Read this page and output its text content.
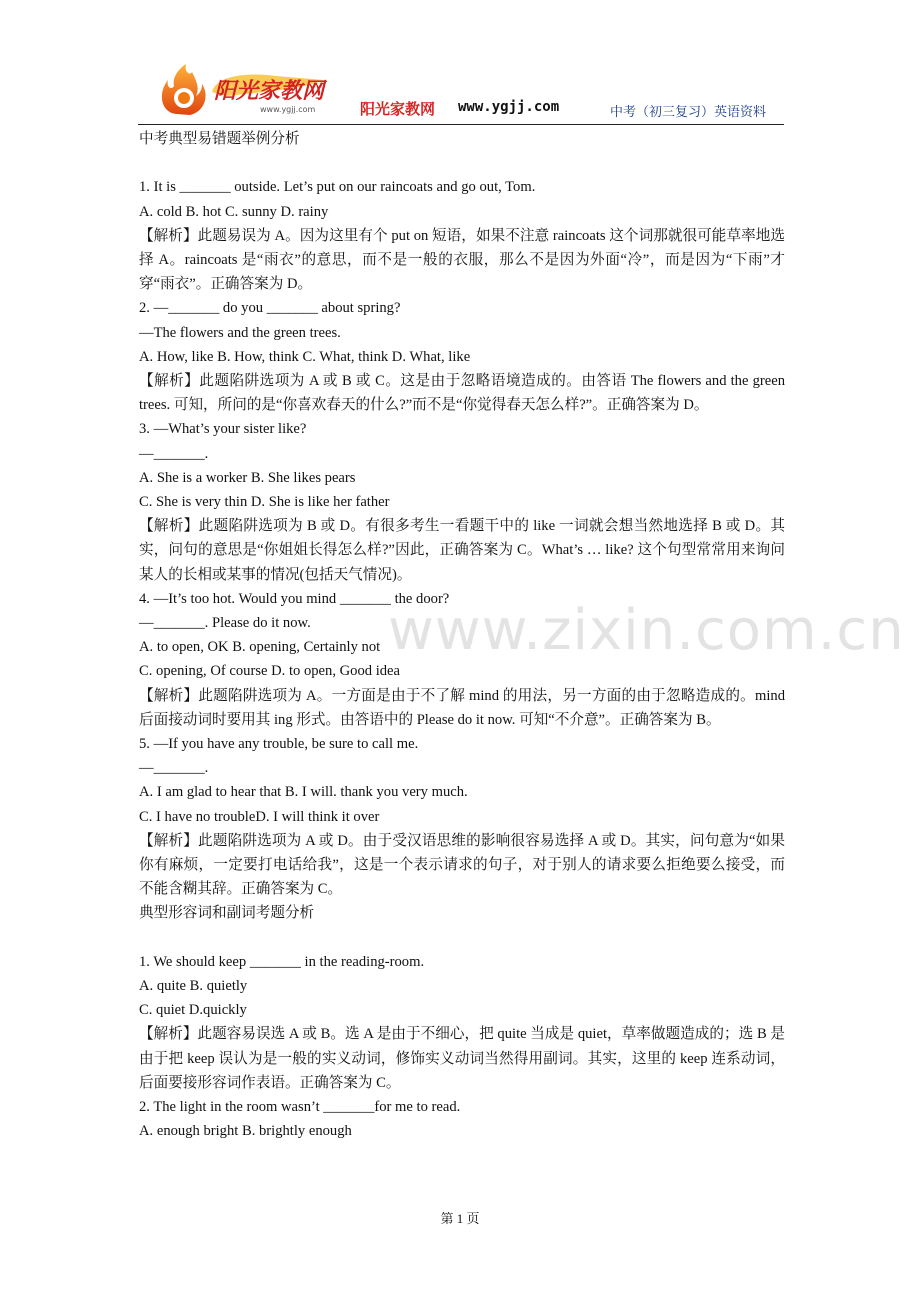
阳光家教网
www.ygjj.com	阳光家教网 www.ygjj.com	中考（初三复习）英语资料
www.zixin.com.cn

中考典型易错题举例分析

1. It is _______ outside. Let’s put on our raincoats and go out, Tom.

A. cold B. hot C. sunny D. rainy

【解析】此题易误为 A。因为这里有个 put on 短语，如果不注意 raincoats 这个词那就很可能草率地选择 A。raincoats 是“雨衣”的意思，而不是一般的衣服，那么不是因为外面“冷”，而是因为“下雨”才穿“雨衣”。正确答案为 D。

2. —_______ do you _______ about spring?

—The flowers and the green trees.

A. How, like B. How, think C. What, think D. What, like

【解析】此题陷阱选项为 A 或 B 或 C。这是由于忽略语境造成的。由答语 The flowers and the green trees. 可知，所问的是“你喜欢春天的什么?”而不是“你觉得春天怎么样?”。正确答案为 D。

3. —What’s your sister like?

—_______.

A. She is a worker B. She likes pears

C. She is very thin D. She is like her father

【解析】此题陷阱选项为 B 或 D。有很多考生一看题干中的 like 一词就会想当然地选择 B 或 D。其实，问句的意思是“你姐姐长得怎么样?”因此，正确答案为 C。What’s … like? 这个句型常常用来询问某人的长相或某事的情况(包括天气情况)。

4. —It’s too hot. Would you mind _______ the door?

—_______. Please do it now.

A. to open, OK B. opening, Certainly not

C. opening, Of course D. to open, Good idea

【解析】此题陷阱选项为 A。一方面是由于不了解 mind 的用法，另一方面的由于忽略造成的。mind 后面接动词时要用其 ing 形式。由答语中的 Please do it now. 可知“不介意”。正确答案为 B。

5. —If you have any trouble, be sure to call me.

—_______.

A. I am glad to hear that B. I will. thank you very much.

C. I have no troubleD. I will think it over

【解析】此题陷阱选项为 A 或 D。由于受汉语思维的影响很容易选择 A 或 D。其实，问句意为“如果你有麻烦，一定要打电话给我”，这是一个表示请求的句子，对于别人的请求要么拒绝要么接受，而不能含糊其辞。正确答案为 C。

典型形容词和副词考题分析

1. We should keep _______ in the reading-room.

A. quite B. quietly

C. quiet D.quickly

【解析】此题容易误选 A 或 B。选 A 是由于不细心，把 quite 当成是 quiet，草率做题造成的；选 B 是由于把 keep 误认为是一般的实义动词，修饰实义动词当然得用副词。其实，这里的 keep 连系动词，后面要接形容词作表语。正确答案为 C。

2. The light in the room wasn’t _______for me to read.

A. enough bright B. brightly enough

第 1 页
